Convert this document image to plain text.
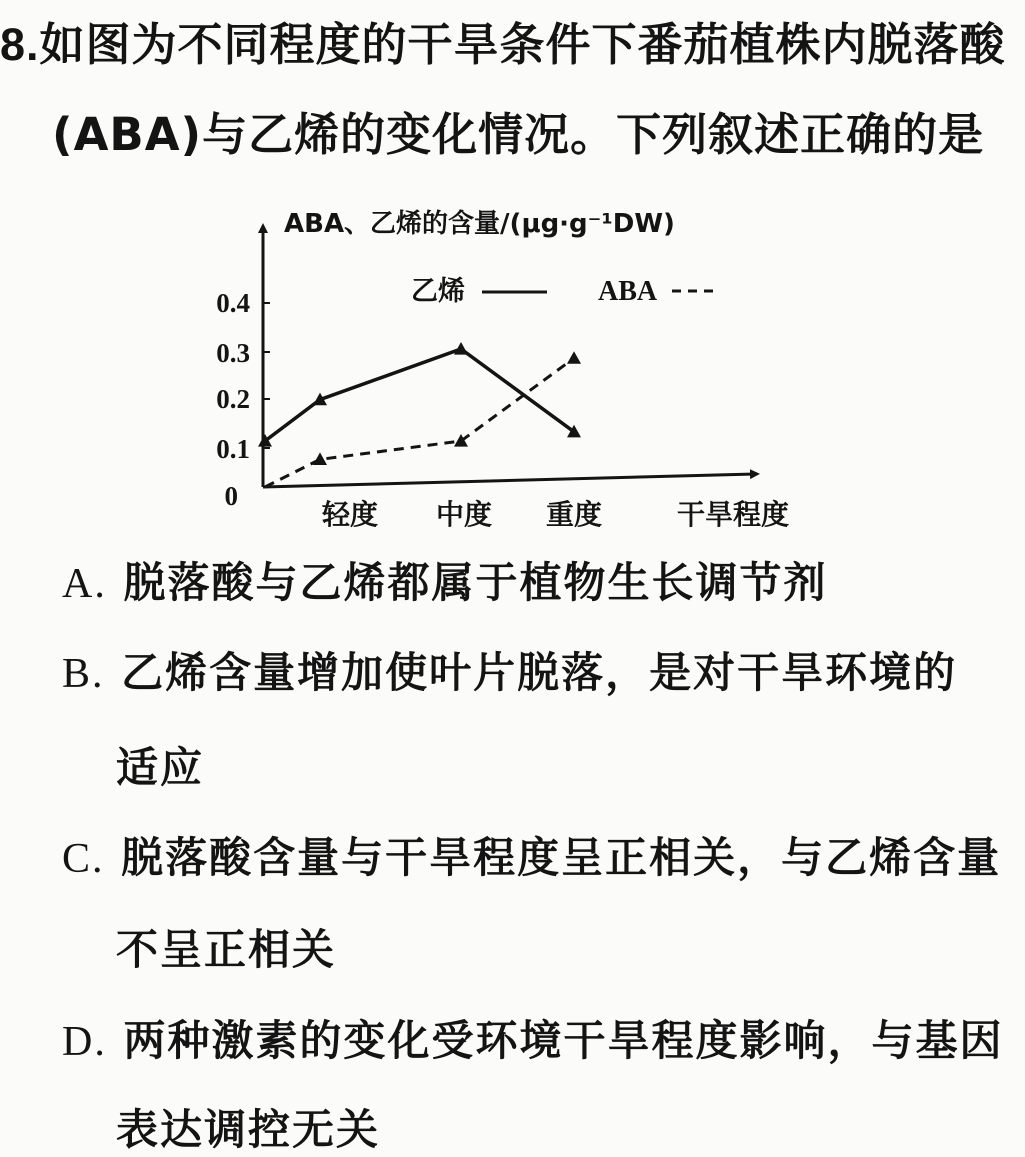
8.如图为不同程度的干旱条件下番茄植株内脱落酸
(ABA)与乙烯的变化情况。下列叙述正确的是
ABA、乙烯的含量/(μg·g⁻¹DW)
0.4
0.3
0.2
0.1
0
轻度 中度 重度	干旱程度
乙烯	ABA
A. 脱落酸与乙烯都属于植物生长调节剂
B. 乙烯含量增加使叶片脱落，是对干旱环境的
适应
C. 脱落酸含量与干旱程度呈正相关，与乙烯含量
不呈正相关
D. 两种激素的变化受环境干旱程度影响，与基因
表达调控无关
